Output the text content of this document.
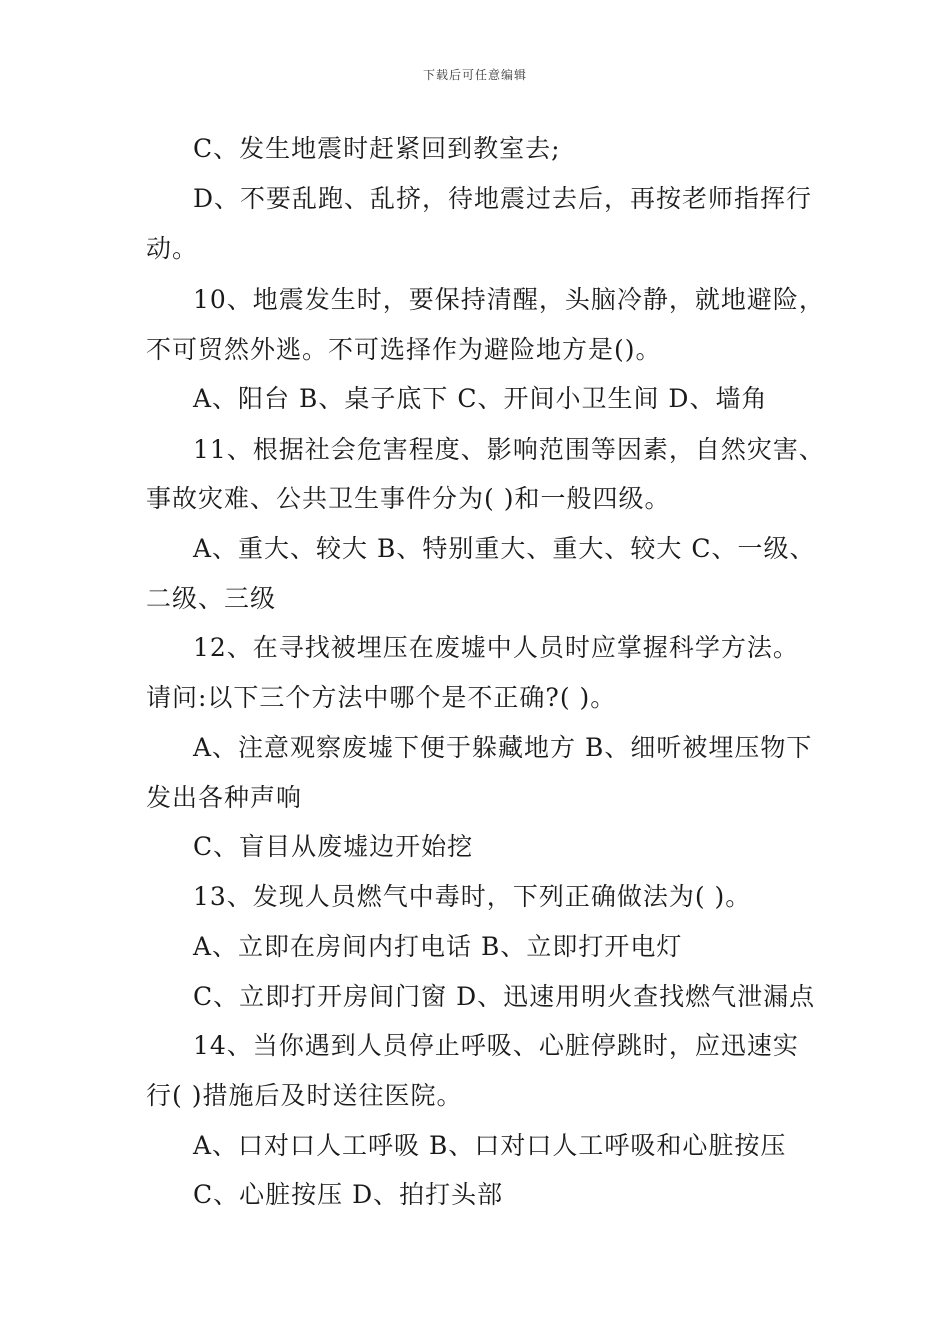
下载后可任意编辑
C、发生地震时赶紧回到教室去;
D、不要乱跑、乱挤，待地震过去后，再按老师指挥行
动。
10、地震发生时，要保持清醒，头脑冷静，就地避险，
不可贸然外逃。不可选择作为避险地方是()。
A、阳台 B、桌子底下 C、开间小卫生间 D、墙角
11、根据社会危害程度、影响范围等因素，自然灾害、
事故灾难、公共卫生事件分为( )和一般四级。
A、重大、较大 B、特别重大、重大、较大 C、一级、
二级、三级
12、在寻找被埋压在废墟中人员时应掌握科学方法。
请问:以下三个方法中哪个是不正确?( )。
A、注意观察废墟下便于躲藏地方 B、细听被埋压物下
发出各种声响
C、盲目从废墟边开始挖
13、发现人员燃气中毒时，下列正确做法为( )。
A、立即在房间内打电话 B、立即打开电灯
C、立即打开房间门窗 D、迅速用明火查找燃气泄漏点
14、当你遇到人员停止呼吸、心脏停跳时，应迅速实
行( )措施后及时送往医院。
A、口对口人工呼吸 B、口对口人工呼吸和心脏按压
C、心脏按压 D、拍打头部
